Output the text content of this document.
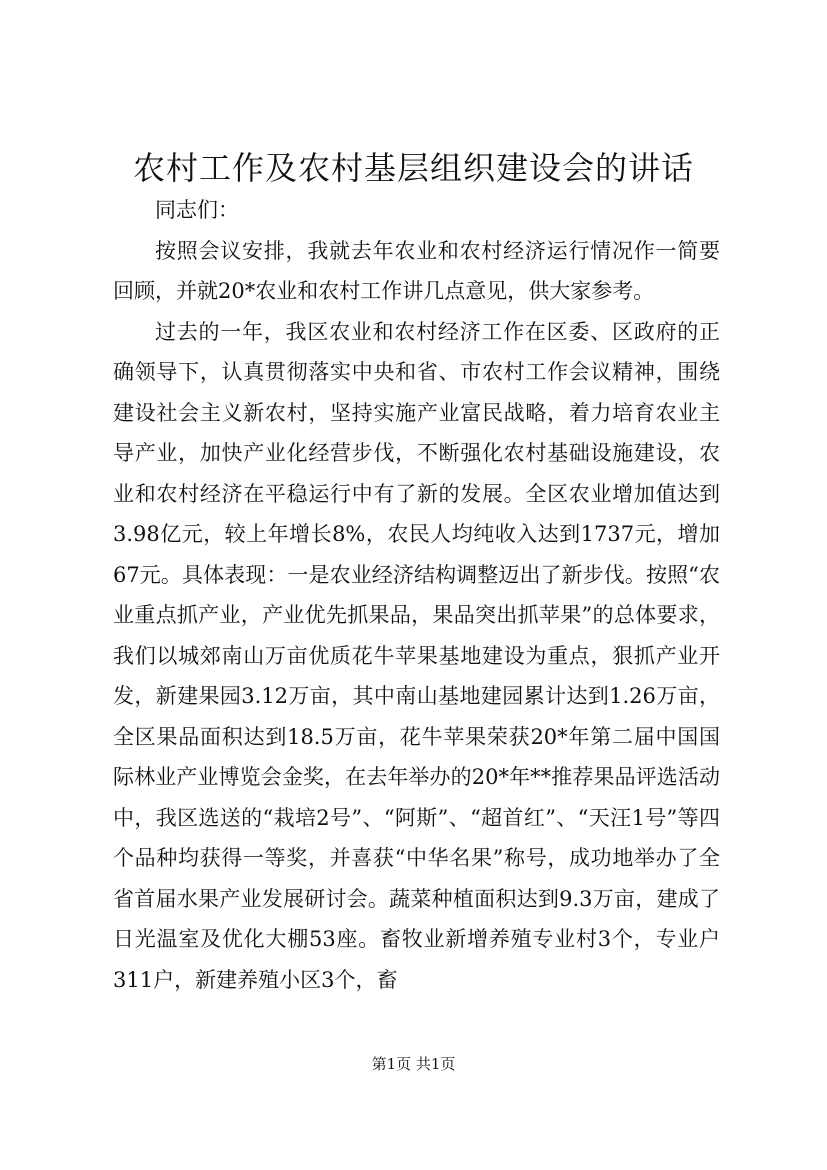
农村工作及农村基层组织建设会的讲话

同志们：

按照会议安排，我就去年农业和农村经济运行情况作一简要回顾，并就20*农业和农村工作讲几点意见，供大家参考。

过去的一年，我区农业和农村经济工作在区委、区政府的正确领导下，认真贯彻落实中央和省、市农村工作会议精神，围绕建设社会主义新农村，坚持实施产业富民战略，着力培育农业主导产业，加快产业化经营步伐，不断强化农村基础设施建设，农业和农村经济在平稳运行中有了新的发展。全区农业增加值达到3.98亿元，较上年增长8%，农民人均纯收入达到1737元，增加67元。具体表现：一是农业经济结构调整迈出了新步伐。按照“农业重点抓产业，产业优先抓果品，果品突出抓苹果”的总体要求，我们以城郊南山万亩优质花牛苹果基地建设为重点，狠抓产业开发，新建果园3.12万亩，其中南山基地建园累计达到1.26万亩，全区果品面积达到18.5万亩，花牛苹果荣获20*年第二届中国国际林业产业博览会金奖，在去年举办的20*年**推荐果品评选活动中，我区选送的“栽培2号”、“阿斯”、“超首红”、“天汪1号”等四个品种均获得一等奖，并喜获“中华名果”称号，成功地举办了全省首届水果产业发展研讨会。蔬菜种植面积达到9.3万亩，建成了日光温室及优化大棚53座。畜牧业新增养殖专业村3个，专业户311户，新建养殖小区3个，畜

第1页 共1页
